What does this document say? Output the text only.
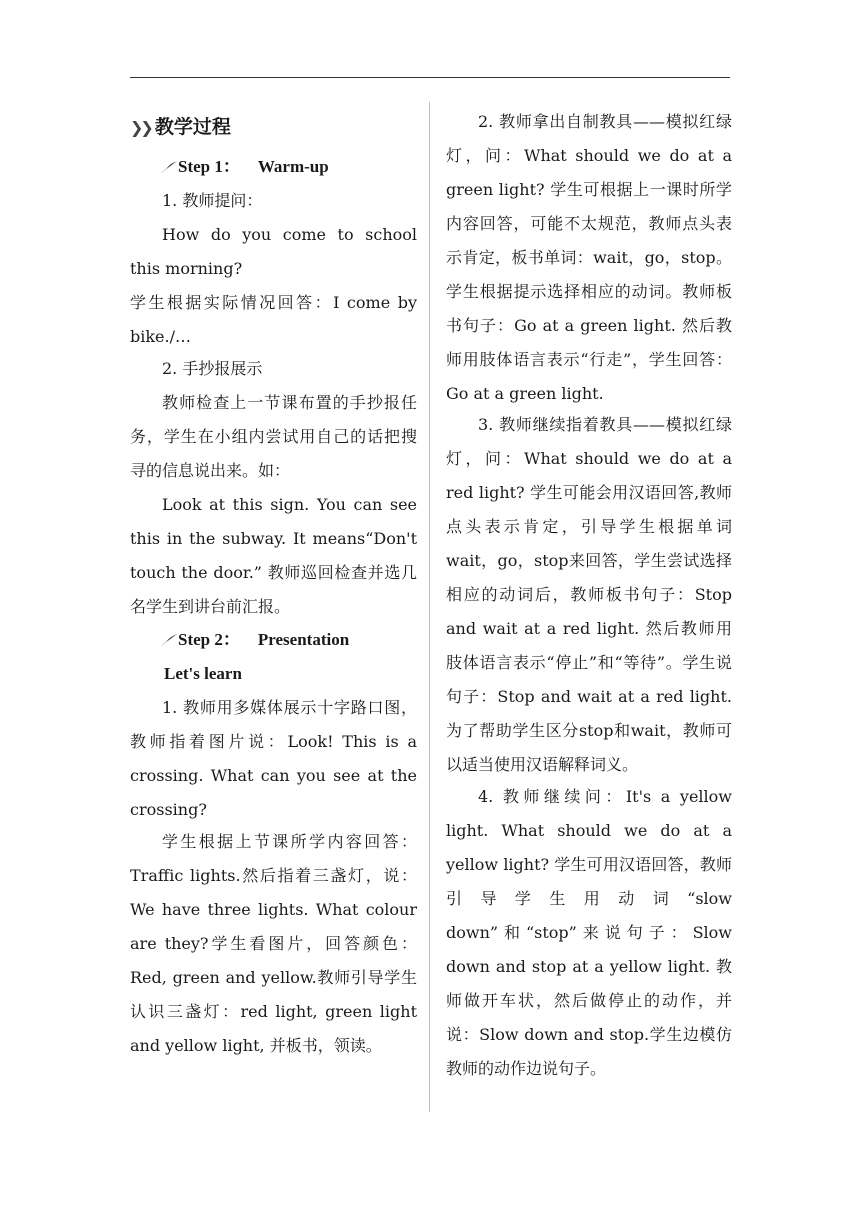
❯❯ 教学过程
Step 1： Warm-up

1. 教师提问：

How do you come to school this morning?

学生根据实际情况回答：I come by bike./…

2. 手抄报展示

教师检查上一节课布置的手抄报任务，学生在小组内尝试用自己的话把搜寻的信息说出来。如：

Look at this sign. You can see this in the subway. It means“Don't touch the door.” 教师巡回检查并选几名学生到讲台前汇报。

Step 2： Presentation
Let's learn

1. 教师用多媒体展示十字路口图，教师指着图片说：Look! This is a crossing. What can you see at the crossing?

学生根据上节课所学内容回答：Traffic lights.然后指着三盏灯，说：We have three lights. What colour are they?学生看图片，回答颜色：Red, green and yellow.教师引导学生认识三盏灯：red light, green light and yellow light, 并板书，领读。

2. 教师拿出自制教具——模拟红绿灯，问：What should we do at a green light? 学生可根据上一课时所学内容回答，可能不太规范，教师点头表示肯定，板书单词：wait，go，stop。学生根据提示选择相应的动词。教师板书句子：Go at a green light. 然后教师用肢体语言表示“行走”，学生回答：Go at a green light.

3. 教师继续指着教具——模拟红绿灯，问：What should we do at a red light? 学生可能会用汉语回答,教师点头表示肯定，引导学生根据单词wait，go，stop来回答，学生尝试选择相应的动词后，教师板书句子：Stop and wait at a red light. 然后教师用肢体语言表示“停止”和“等待”。学生说句子：Stop and wait at a red light. 为了帮助学生区分stop和wait，教师可以适当使用汉语解释词义。

4. 教师继续问：It's a yellow light. What should we do at a yellow light? 学生可用汉语回答，教师引导学生用动词“slow down”和“stop”来说句子：Slow down and stop at a yellow light. 教师做开车状，然后做停止的动作，并说：Slow down and stop.学生边模仿教师的动作边说句子。
